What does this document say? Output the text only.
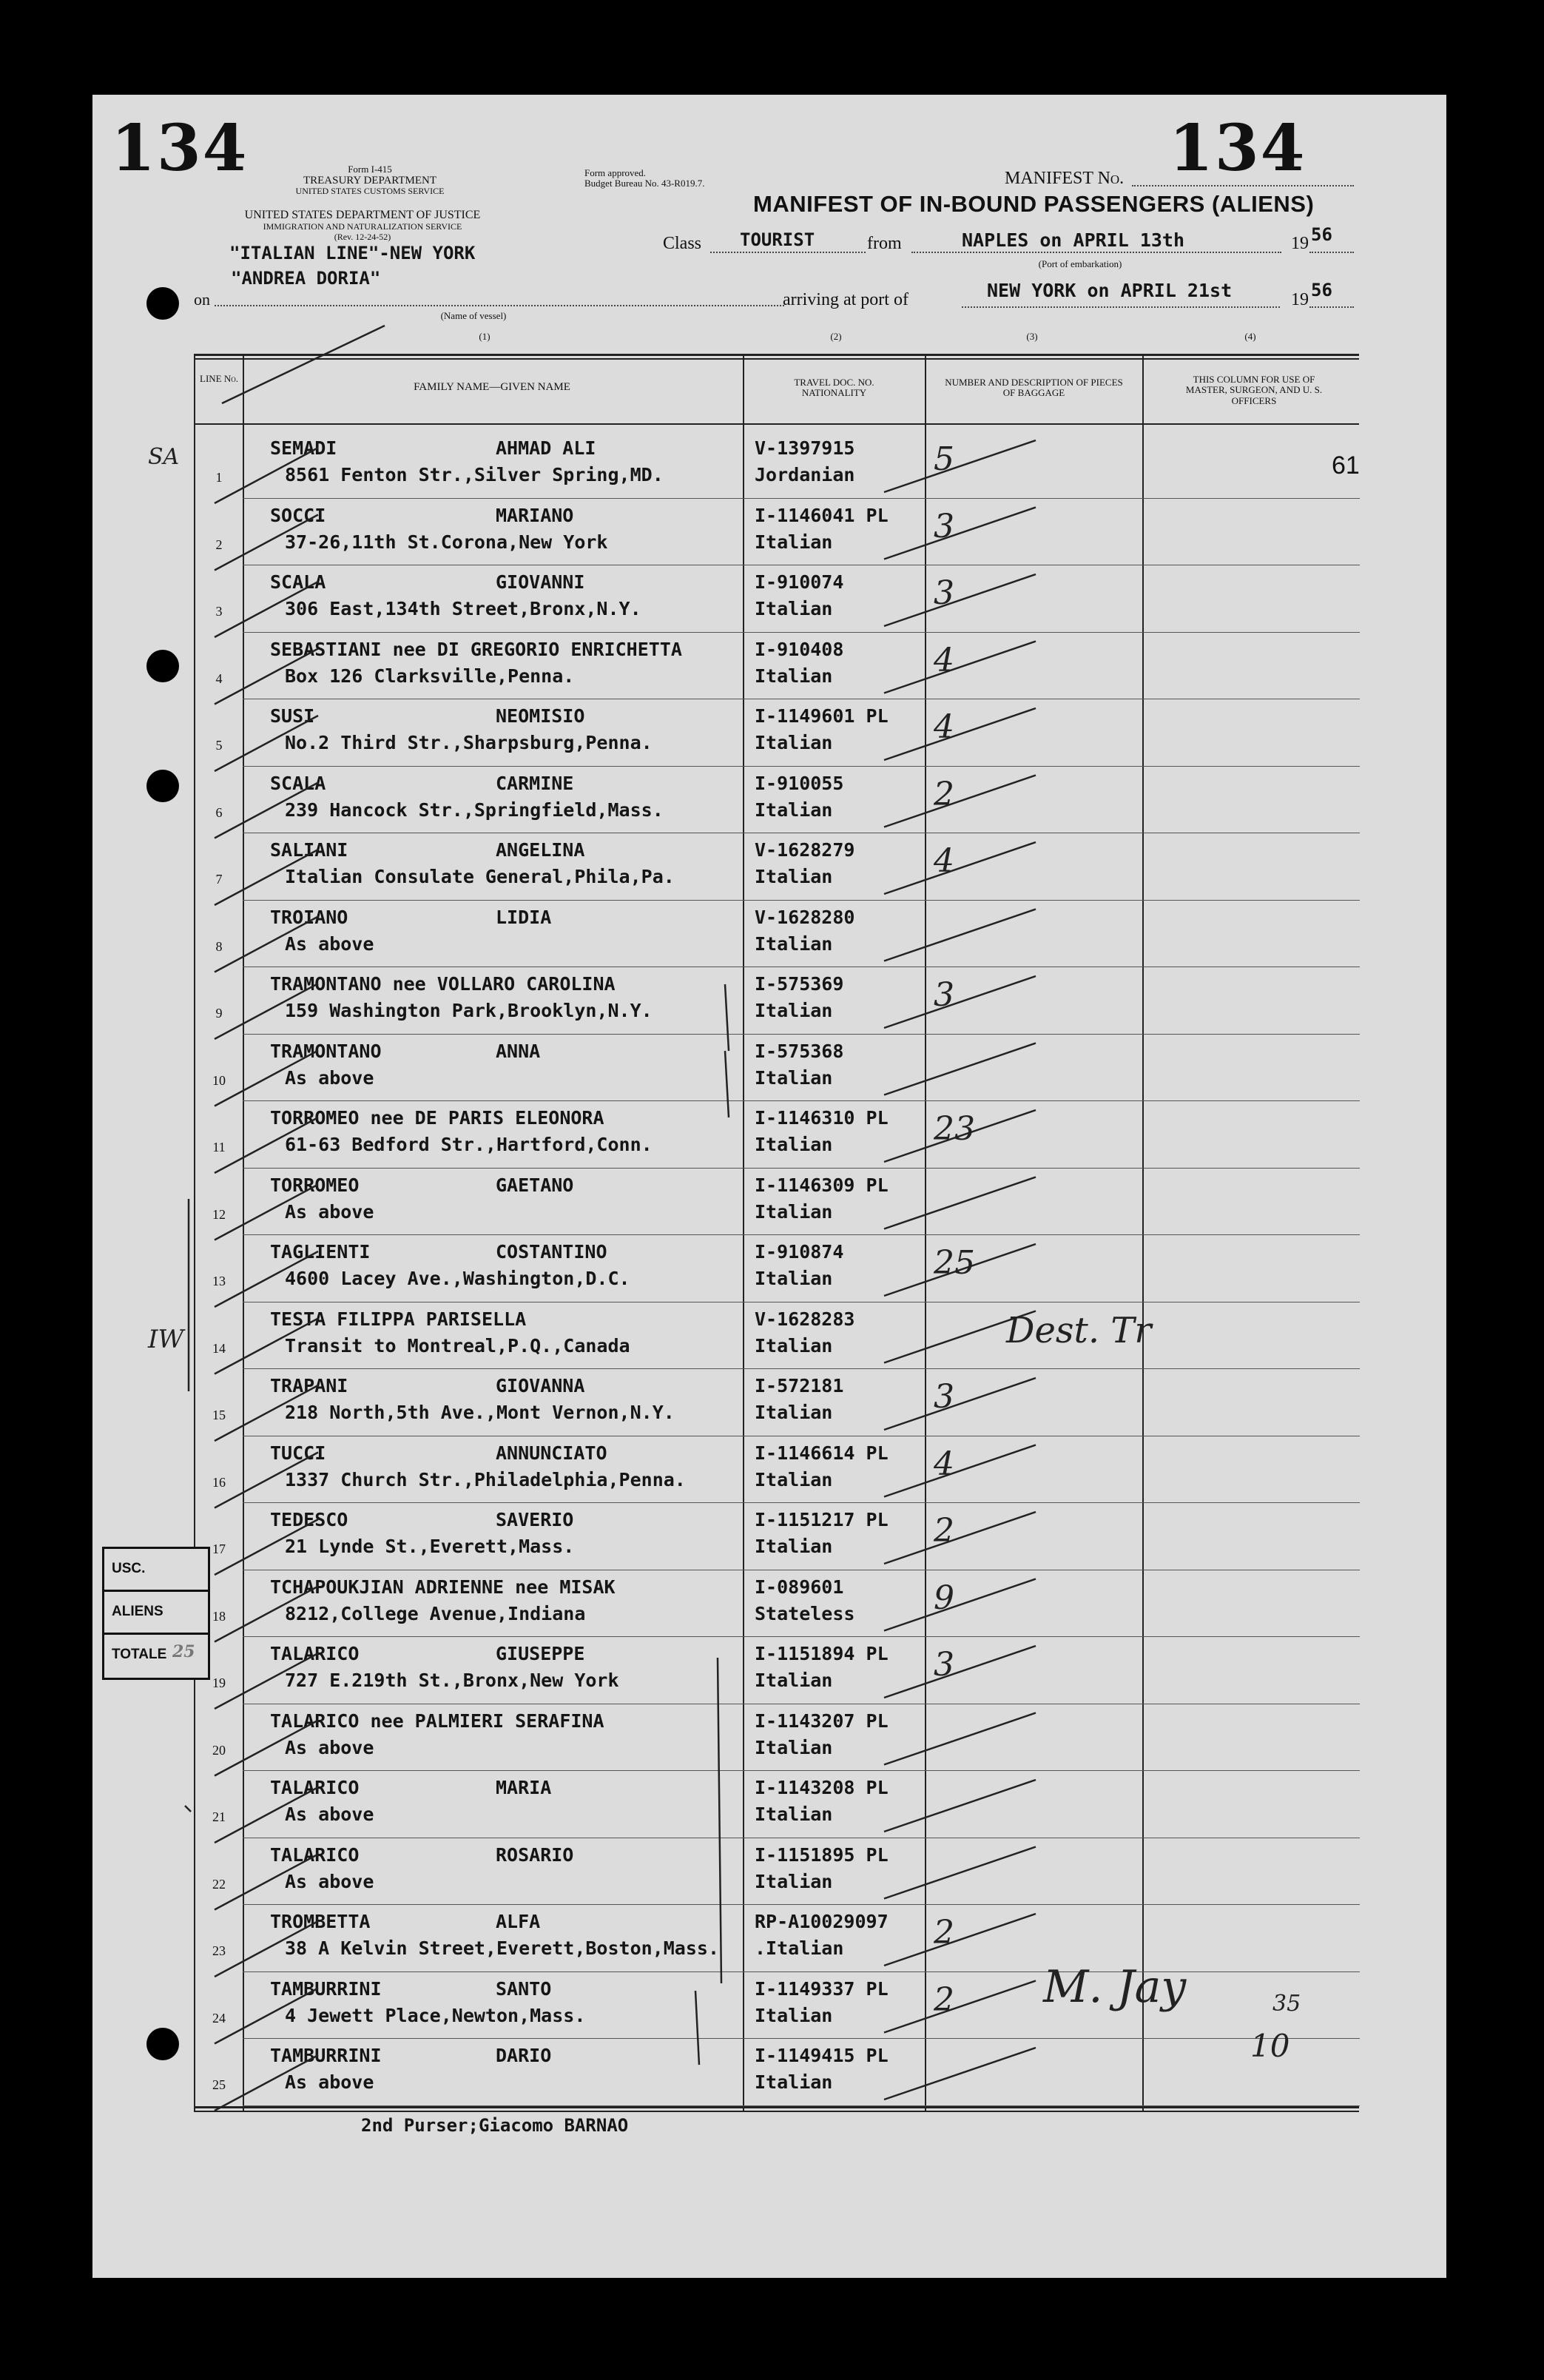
134	134
Form I-415
TREASURY DEPARTMENT
UNITED STATES CUSTOMS SERVICE
UNITED STATES DEPARTMENT OF JUSTICE
IMMIGRATION AND NATURALIZATION SERVICE
(Rev. 12-24-52)
"ITALIAN LINE"-NEW YORK
"ANDREA DORIA"
on
(Name of vessel)
(1)
Form approved.
Budget Bureau No. 43-R019.7.	MANIFEST No.
MANIFEST OF IN-BOUND PASSENGERS (ALIENS)
Class TOURIST	from	NAPLES on APRIL 13th	19 56
(Port of embarkation)
arriving at port of	NEW YORK on APRIL 21st	19 56
(2)	(3)	(4)
LINE No.
FAMILY NAME—GIVEN NAME	TRAVEL DOC. NO. NATIONALITY
NUMBER AND DESCRIPTION OF PIECES OF BAGGAGE
THIS COLUMN FOR USE OF MASTER, SURGEON, AND U. S. OFFICERS
1
SEMADI	AHMAD ALI
8561 Fenton Str.,Silver Spring,MD.
V-1397915
Jordanian 5
2
SOCCI	MARIANO
37-26,11th St.Corona,New York
I-1146041 PL
Italian	3
3
SCALA	GIOVANNI
306 East,134th Street,Bronx,N.Y.
I-910074
Italian	3
4
SEBASTIANI nee DI GREGORIO ENRICHETTA
Box 126 Clarksville,Penna.
I-910408
Italian	4
5
SUSI	NEOMISIO
No.2 Third Str.,Sharpsburg,Penna.
I-1149601 PL
Italian	4
6
SCALA	CARMINE
239 Hancock Str.,Springfield,Mass.
I-910055
Italian	2
7
SALIANI	ANGELINA
Italian Consulate General,Phila,Pa.
V-1628279
Italian	4
8
TROIANO	LIDIA
As above
V-1628280
Italian
9
TRAMONTANO nee VOLLARO CAROLINA
159 Washington Park,Brooklyn,N.Y.
I-575369
Italian	3
10
TRAMONTANO	ANNA
As above
I-575368
Italian
11
TORROMEO nee DE PARIS ELEONORA
61-63 Bedford Str.,Hartford,Conn.
I-1146310 PL
Italian	23
12
TORROMEO	GAETANO
As above
I-1146309 PL
Italian
13
TAGLIENTI	COSTANTINO
4600 Lacey Ave.,Washington,D.C.
I-910874
Italian	25
14
TESTA FILIPPA PARISELLA
Transit to Montreal,P.Q.,Canada
V-1628283
Italian
15
TRAPANI	GIOVANNA
218 North,5th Ave.,Mont Vernon,N.Y.
I-572181
Italian	3
16
TUCCI	ANNUNCIATO
1337 Church Str.,Philadelphia,Penna.
I-1146614 PL
Italian	4
17
TEDESCO	SAVERIO
21 Lynde St.,Everett,Mass.
I-1151217 PL
Italian	2
18
TCHAPOUKJIAN ADRIENNE nee MISAK
8212,College Avenue,Indiana
I-089601
Stateless 9
19
TALARICO	GIUSEPPE
727 E.219th St.,Bronx,New York
I-1151894 PL
Italian	3
20
TALARICO nee PALMIERI SERAFINA
As above
I-1143207 PL
Italian
21
TALARICO	MARIA
As above
I-1143208 PL
Italian
22
TALARICO	ROSARIO
As above
I-1151895 PL
Italian
23
TROMBETTA	ALFA
38 A Kelvin Street,Everett,Boston,Mass.
RP-A10029097
.Italian	2
24
TAMBURRINI	SANTO
4 Jewett Place,Newton,Mass.
I-1149337 PL
Italian	2
25
TAMBURRINI	DARIO
As above
I-1149415 PL
Italian
USC.
ALIENS
TOTALE 25
61
Dest. Tr
SA
IW
35
10
M. Jay
2nd Purser;Giacomo BARNAO
